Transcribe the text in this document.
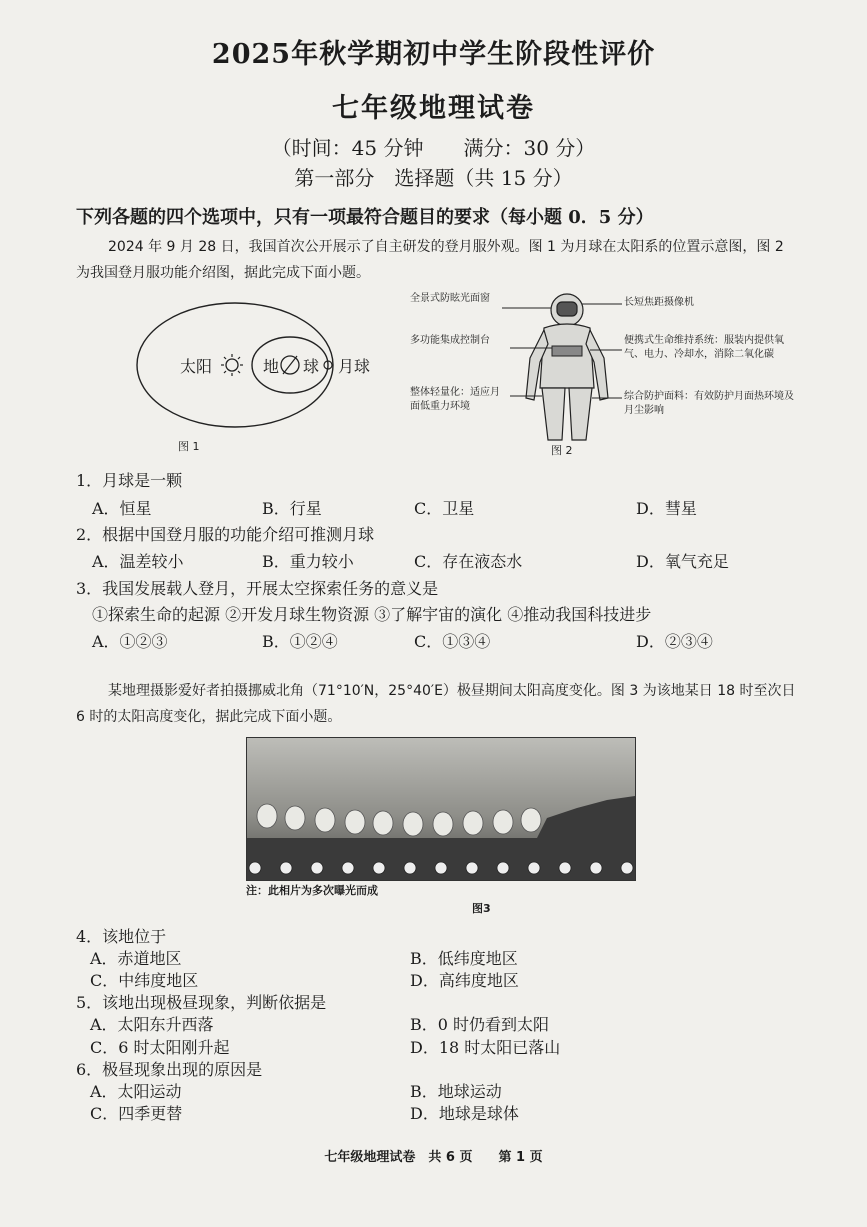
2025年秋学期初中学生阶段性评价
七年级地理试卷
（时间：45 分钟　　满分：30 分）
第一部分　选择题（共 15 分）
下列各题的四个选项中，只有一项最符合题目的要求（每小题 0．5 分）
2024 年 9 月 28 日，我国首次公开展示了自主研发的登月服外观。图 1 为月球在太阳系的位置示意图，图 2 为我国登月服功能介绍图，据此完成下面小题。
太阳	地 球 月球
图 1
全景式防眩光面窗	长短焦距摄像机
多功能集成控制台	便携式生命维持系统：服装内提供氧气、电力、冷却水，消除二氧化碳
整体轻量化：适应月面低重力环境
综合防护面料：有效防护月面热环境及月尘影响
图 2
1．月球是一颗
A．恒星	B．行星	C．卫星	D．彗星
2．根据中国登月服的功能介绍可推测月球
A．温差较小	B．重力较小	C．存在液态水	D．氧气充足
3．我国发展载人登月，开展太空探索任务的意义是
①探索生命的起源 ②开发月球生物资源 ③了解宇宙的演化 ④推动我国科技进步
A．①②③	B．①②④	C．①③④	D．②③④
某地理摄影爱好者拍摄挪威北角（71°10′N，25°40′E）极昼期间太阳高度变化。图 3 为该地某日 18 时至次日 6 时的太阳高度变化，据此完成下面小题。
注：此相片为多次曝光而成
图3
4．该地位于
A．赤道地区	B．低纬度地区
C．中纬度地区	D．高纬度地区
5．该地出现极昼现象，判断依据是
A．太阳东升西落	B．0 时仍看到太阳
C．6 时太阳刚升起	D．18 时太阳已落山
6．极昼现象出现的原因是
A．太阳运动	B．地球运动
C．四季更替	D．地球是球体
七年级地理试卷　共 6 页　　第 1 页
